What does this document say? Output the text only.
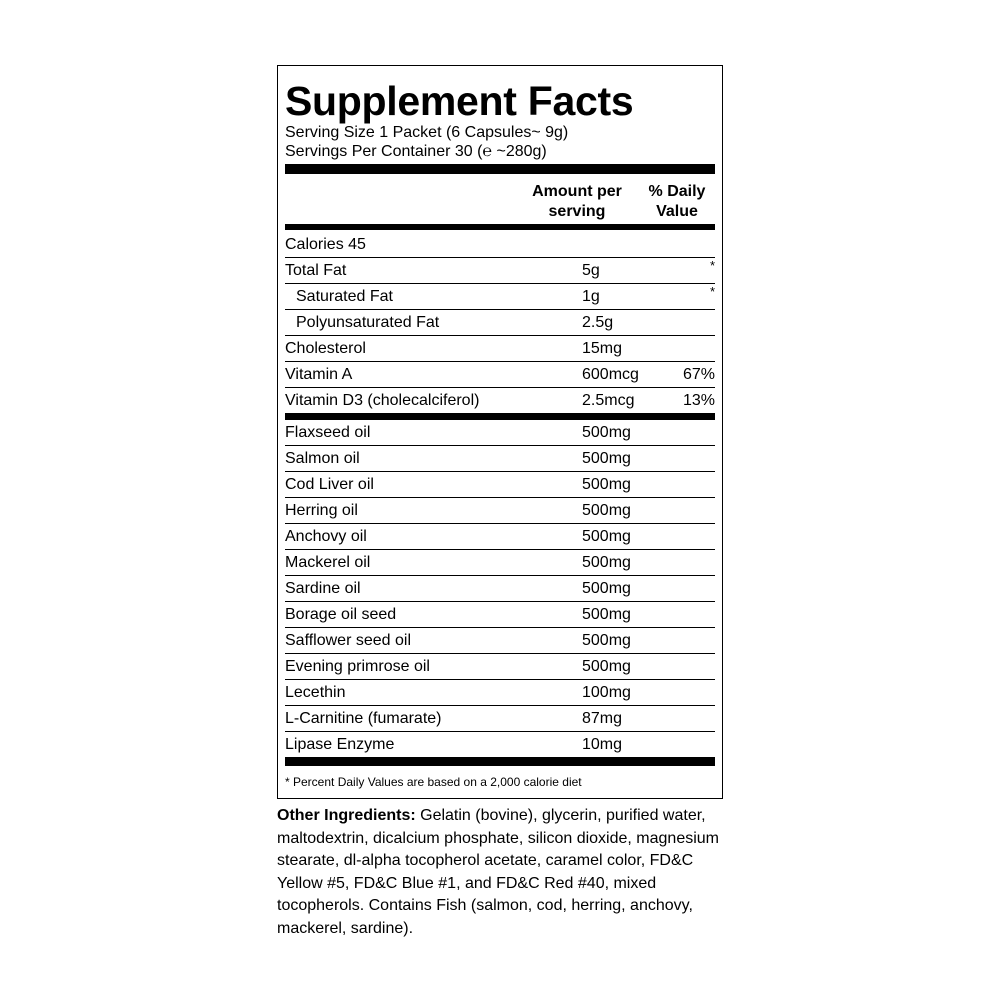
Supplement Facts
Serving Size 1 Packet (6 Capsules~ 9g)
Servings Per Container 30 (℮ ~280g)
Amount per
serving
% Daily
Value
Calories 45
Total Fat	5g	*
Saturated Fat	1g	*
Polyunsaturated Fat	2.5g
Cholesterol	15mg
Vitamin A	600mcg	67%
Vitamin D3 (cholecalciferol)	2.5mcg	13%
Flaxseed oil	500mg
Salmon oil	500mg
Cod Liver oil	500mg
Herring oil	500mg
Anchovy oil	500mg
Mackerel oil	500mg
Sardine oil	500mg
Borage oil seed	500mg
Safflower seed oil	500mg
Evening primrose oil	500mg
Lecethin	100mg
L-Carnitine (fumarate)	87mg
Lipase Enzyme	10mg
* Percent Daily Values are based on a 2,000 calorie diet
Other Ingredients: Gelatin (bovine), glycerin, purified water, maltodextrin, dicalcium phosphate, silicon dioxide, magnesium stearate, dl-alpha tocopherol acetate, caramel color, FD&C Yellow #5, FD&C Blue #1, and FD&C Red #40, mixed tocopherols. Contains Fish (salmon, cod, herring, anchovy, mackerel, sardine).
